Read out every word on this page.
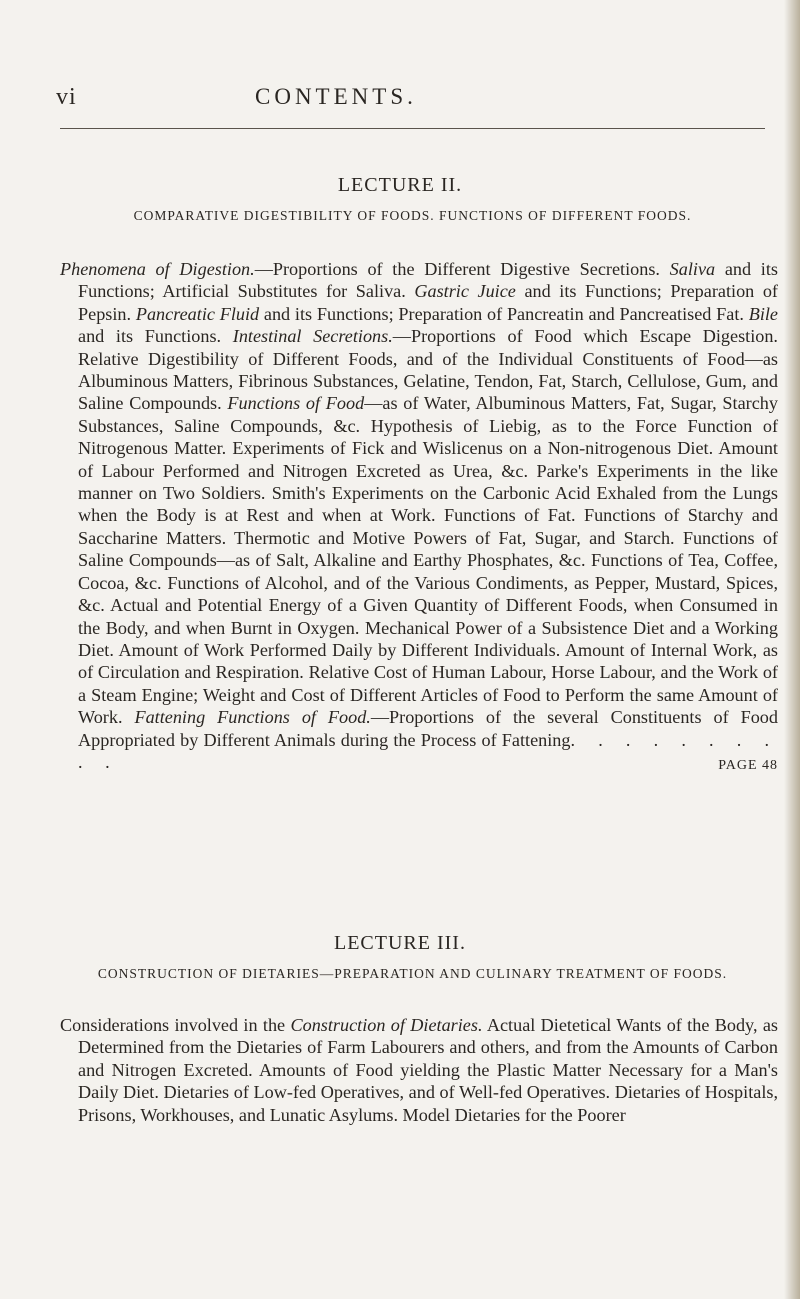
vi	CONTENTS.
LECTURE II.
COMPARATIVE DIGESTIBILITY OF FOODS. FUNCTIONS OF DIFFERENT FOODS.
Phenomena of Digestion.—Proportions of the Different Digestive Secretions. Saliva and its Functions; Artificial Substitutes for Saliva. Gastric Juice and its Functions; Preparation of Pepsin. Pancreatic Fluid and its Functions; Preparation of Pancreatin and Pancreatised Fat. Bile and its Functions. Intestinal Secretions.—Proportions of Food which Escape Digestion. Relative Digestibility of Different Foods, and of the Individual Constituents of Food—as Albuminous Matters, Fibrinous Substances, Gelatine, Tendon, Fat, Starch, Cellulose, Gum, and Saline Compounds. Functions of Food—as of Water, Albuminous Matters, Fat, Sugar, Starchy Substances, Saline Compounds, &c. Hypothesis of Liebig, as to the Force Function of Nitrogenous Matter. Experiments of Fick and Wislicenus on a Non-nitrogenous Diet. Amount of Labour Performed and Nitrogen Excreted as Urea, &c. Parke's Experiments in the like manner on Two Soldiers. Smith's Experiments on the Carbonic Acid Exhaled from the Lungs when the Body is at Rest and when at Work. Functions of Fat. Functions of Starchy and Saccharine Matters. Thermotic and Motive Powers of Fat, Sugar, and Starch. Functions of Saline Compounds—as of Salt, Alkaline and Earthy Phosphates, &c. Functions of Tea, Coffee, Cocoa, &c. Functions of Alcohol, and of the Various Condiments, as Pepper, Mustard, Spices, &c. Actual and Potential Energy of a Given Quantity of Different Foods, when Consumed in the Body, and when Burnt in Oxygen. Mechanical Power of a Subsistence Diet and a Working Diet. Amount of Work Performed Daily by Different Individuals. Amount of Internal Work, as of Circulation and Respiration. Relative Cost of Human Labour, Horse Labour, and the Work of a Steam Engine; Weight and Cost of Different Articles of Food to Perform the same Amount of Work. Fattening Functions of Food.—Proportions of the several Constituents of Food Appropriated by Different Animals during the Process of Fattening. . . . . . . . . .	PAGE 48
LECTURE III.
CONSTRUCTION OF DIETARIES—PREPARATION AND CULINARY TREATMENT OF FOODS.
Considerations involved in the Construction of Dietaries. Actual Dietetical Wants of the Body, as Determined from the Dietaries of Farm Labourers and others, and from the Amounts of Carbon and Nitrogen Excreted. Amounts of Food yielding the Plastic Matter Necessary for a Man's Daily Diet. Dietaries of Low-fed Operatives, and of Well-fed Operatives. Dietaries of Hospitals, Prisons, Workhouses, and Lunatic Asylums. Model Dietaries for the Poorer
